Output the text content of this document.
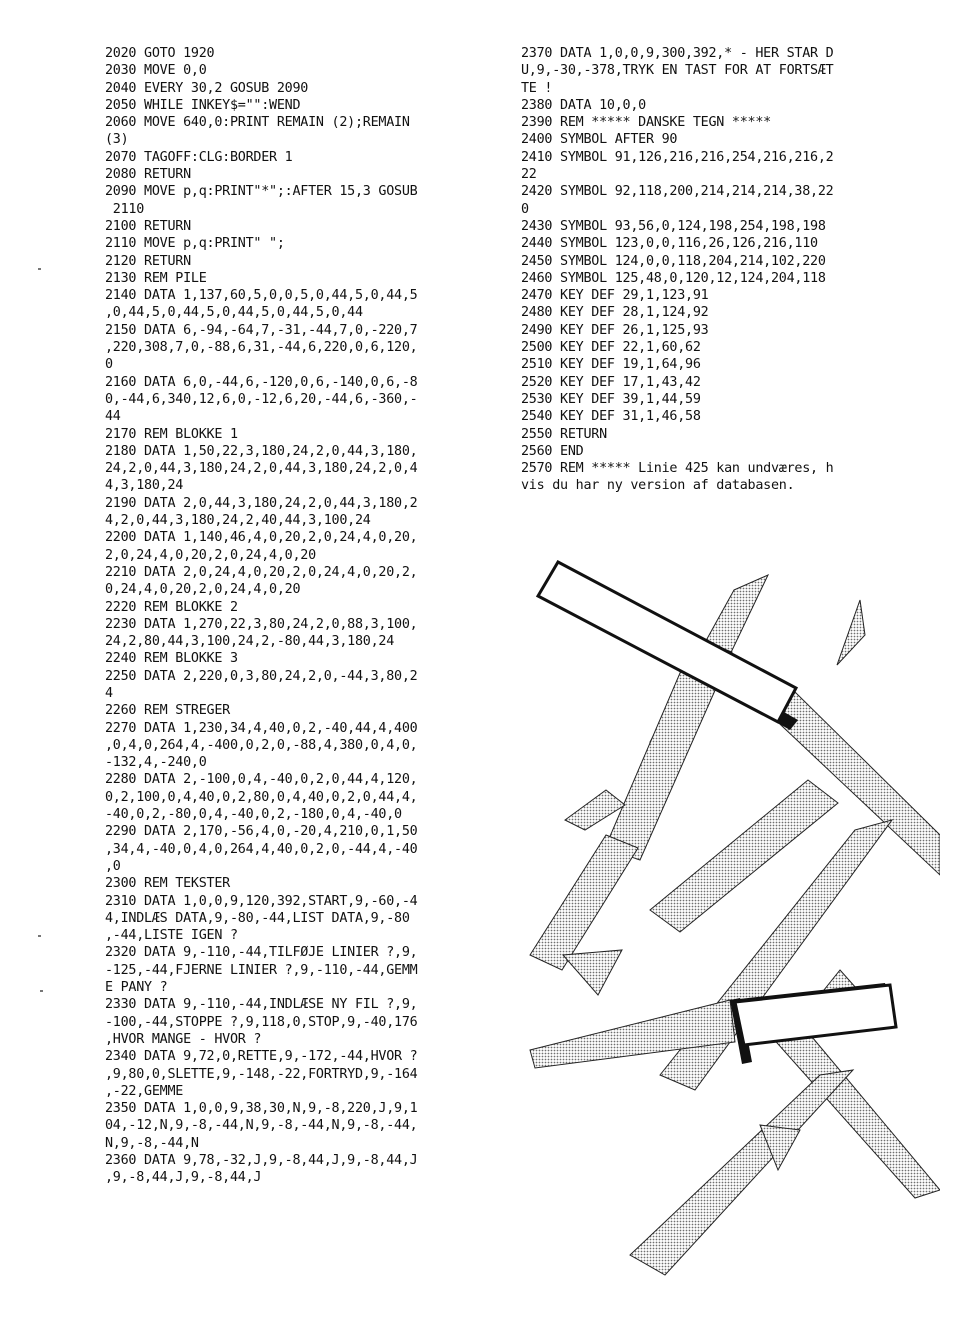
2020 GOTO 1920
2030 MOVE 0,0
2040 EVERY 30,2 GOSUB 2090
2050 WHILE INKEY$="":WEND
2060 MOVE 640,0:PRINT REMAIN (2);REMAIN
(3)
2070 TAGOFF:CLG:BORDER 1
2080 RETURN
2090 MOVE p,q:PRINT"*";:AFTER 15,3 GOSUB
2110
2100 RETURN
2110 MOVE p,q:PRINT" ";
2120 RETURN
2130 REM PILE
2140 DATA 1,137,60,5,0,0,5,0,44,5,0,44,5
,0,44,5,0,44,5,0,44,5,0,44,5,0,44
2150 DATA 6,-94,-64,7,-31,-44,7,0,-220,7
,220,308,7,0,-88,6,31,-44,6,220,0,6,120,
0
2160 DATA 6,0,-44,6,-120,0,6,-140,0,6,-8
0,-44,6,340,12,6,0,-12,6,20,-44,6,-360,-
44
2170 REM BLOKKE 1
2180 DATA 1,50,22,3,180,24,2,0,44,3,180,
24,2,0,44,3,180,24,2,0,44,3,180,24,2,0,4
4,3,180,24
2190 DATA 2,0,44,3,180,24,2,0,44,3,180,2
4,2,0,44,3,180,24,2,40,44,3,100,24
2200 DATA 1,140,46,4,0,20,2,0,24,4,0,20,
2,0,24,4,0,20,2,0,24,4,0,20
2210 DATA 2,0,24,4,0,20,2,0,24,4,0,20,2,
0,24,4,0,20,2,0,24,4,0,20
2220 REM BLOKKE 2
2230 DATA 1,270,22,3,80,24,2,0,88,3,100,
24,2,80,44,3,100,24,2,-80,44,3,180,24
2240 REM BLOKKE 3
2250 DATA 2,220,0,3,80,24,2,0,-44,3,80,2
4
2260 REM STREGER
2270 DATA 1,230,34,4,40,0,2,-40,44,4,400
,0,4,0,264,4,-400,0,2,0,-88,4,380,0,4,0,
-132,4,-240,0
2280 DATA 2,-100,0,4,-40,0,2,0,44,4,120,
0,2,100,0,4,40,0,2,80,0,4,40,0,2,0,44,4,
-40,0,2,-80,0,4,-40,0,2,-180,0,4,-40,0
2290 DATA 2,170,-56,4,0,-20,4,210,0,1,50
,34,4,-40,0,4,0,264,4,40,0,2,0,-44,4,-40
,0
2300 REM TEKSTER
2310 DATA 1,0,0,9,120,392,START,9,-60,-4
4,INDLÆS DATA,9,-80,-44,LIST DATA,9,-80
,-44,LISTE IGEN ?
2320 DATA 9,-110,-44,TILFØJE LINIER ?,9,
-125,-44,FJERNE LINIER ?,9,-110,-44,GEMM
E PANY ?
2330 DATA 9,-110,-44,INDLÆSE NY FIL ?,9,
-100,-44,STOPPE ?,9,118,0,STOP,9,-40,176
,HVOR MANGE - HVOR ?
2340 DATA 9,72,0,RETTE,9,-172,-44,HVOR ?
,9,80,0,SLETTE,9,-148,-22,FORTRYD,9,-164
,-22,GEMME
2350 DATA 1,0,0,9,38,30,N,9,-8,220,J,9,1
04,-12,N,9,-8,-44,N,9,-8,-44,N,9,-8,-44,
N,9,-8,-44,N
2360 DATA 9,78,-32,J,9,-8,44,J,9,-8,44,J
,9,-8,44,J,9,-8,44,J
2370 DATA 1,0,0,9,300,392,* - HER STAR D
U,9,-30,-378,TRYK EN TAST FOR AT FORTSÆT
TE !
2380 DATA 10,0,0
2390 REM ***** DANSKE TEGN *****
2400 SYMBOL AFTER 90
2410 SYMBOL 91,126,216,216,254,216,216,2
22
2420 SYMBOL 92,118,200,214,214,214,38,22
0
2430 SYMBOL 93,56,0,124,198,254,198,198
2440 SYMBOL 123,0,0,116,26,126,216,110
2450 SYMBOL 124,0,0,118,204,214,102,220
2460 SYMBOL 125,48,0,120,12,124,204,118
2470 KEY DEF 29,1,123,91
2480 KEY DEF 28,1,124,92
2490 KEY DEF 26,1,125,93
2500 KEY DEF 22,1,60,62
2510 KEY DEF 19,1,64,96
2520 KEY DEF 17,1,43,42
2530 KEY DEF 39,1,44,59
2540 KEY DEF 31,1,46,58
2550 RETURN
2560 END
2570 REM ***** Linie 425 kan undværes, h
vis du har ny version af databasen.
